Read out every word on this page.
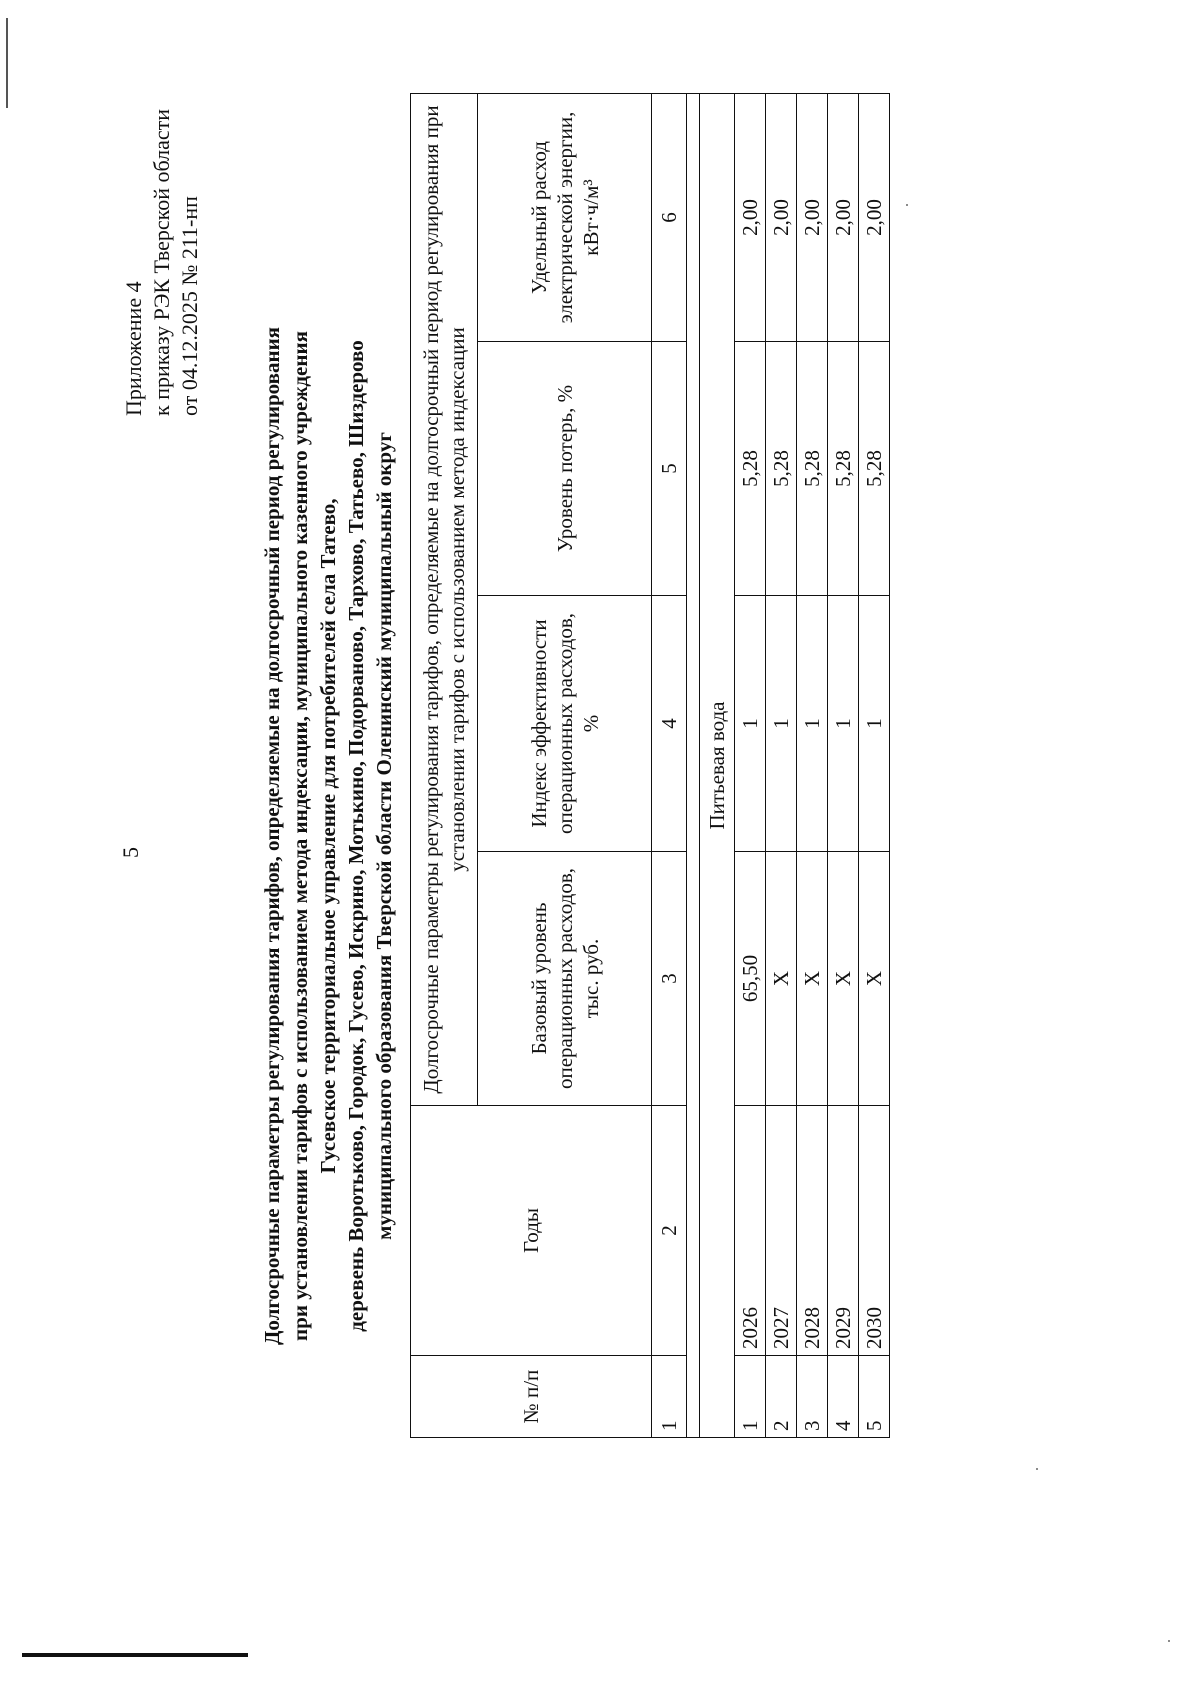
5
Приложение 4 к приказу РЭК Тверской области от 04.12.2025 № 211-нп
Долгосрочные параметры регулирования тарифов, определяемые на долгосрочный период регулирования при установлении тарифов с использованием метода индексации, муниципального казенного учреждения Гусевское территориальное управление для потребителей села Татево, деревень Воротьково, Городок, Гусево, Искрино, Мотькино, Подорваново, Тархово, Татьево, Шиздерово муниципального образования Тверской области Оленинский муниципальный округ
№ п/п	Годы	Долгосрочные параметры регулирования тарифов, определяемые на долгосрочный период регулирования при установлении тарифов с использованием метода индексации			
		Базовый уровень операционных расходов, тыс. руб.	Индекс эффективности операционных расходов, %	Уровень потерь, %	Удельный расход электрической энергии, кВт·ч/м³
1	2	3	4	5	6

Питьевая вода					
1	2026	65,50	1	5,28	2,00
2	2027	Х	1	5,28	2,00
3	2028	Х	1	5,28	2,00
4	2029	Х	1	5,28	2,00
5	2030	Х	1	5,28	2,00
